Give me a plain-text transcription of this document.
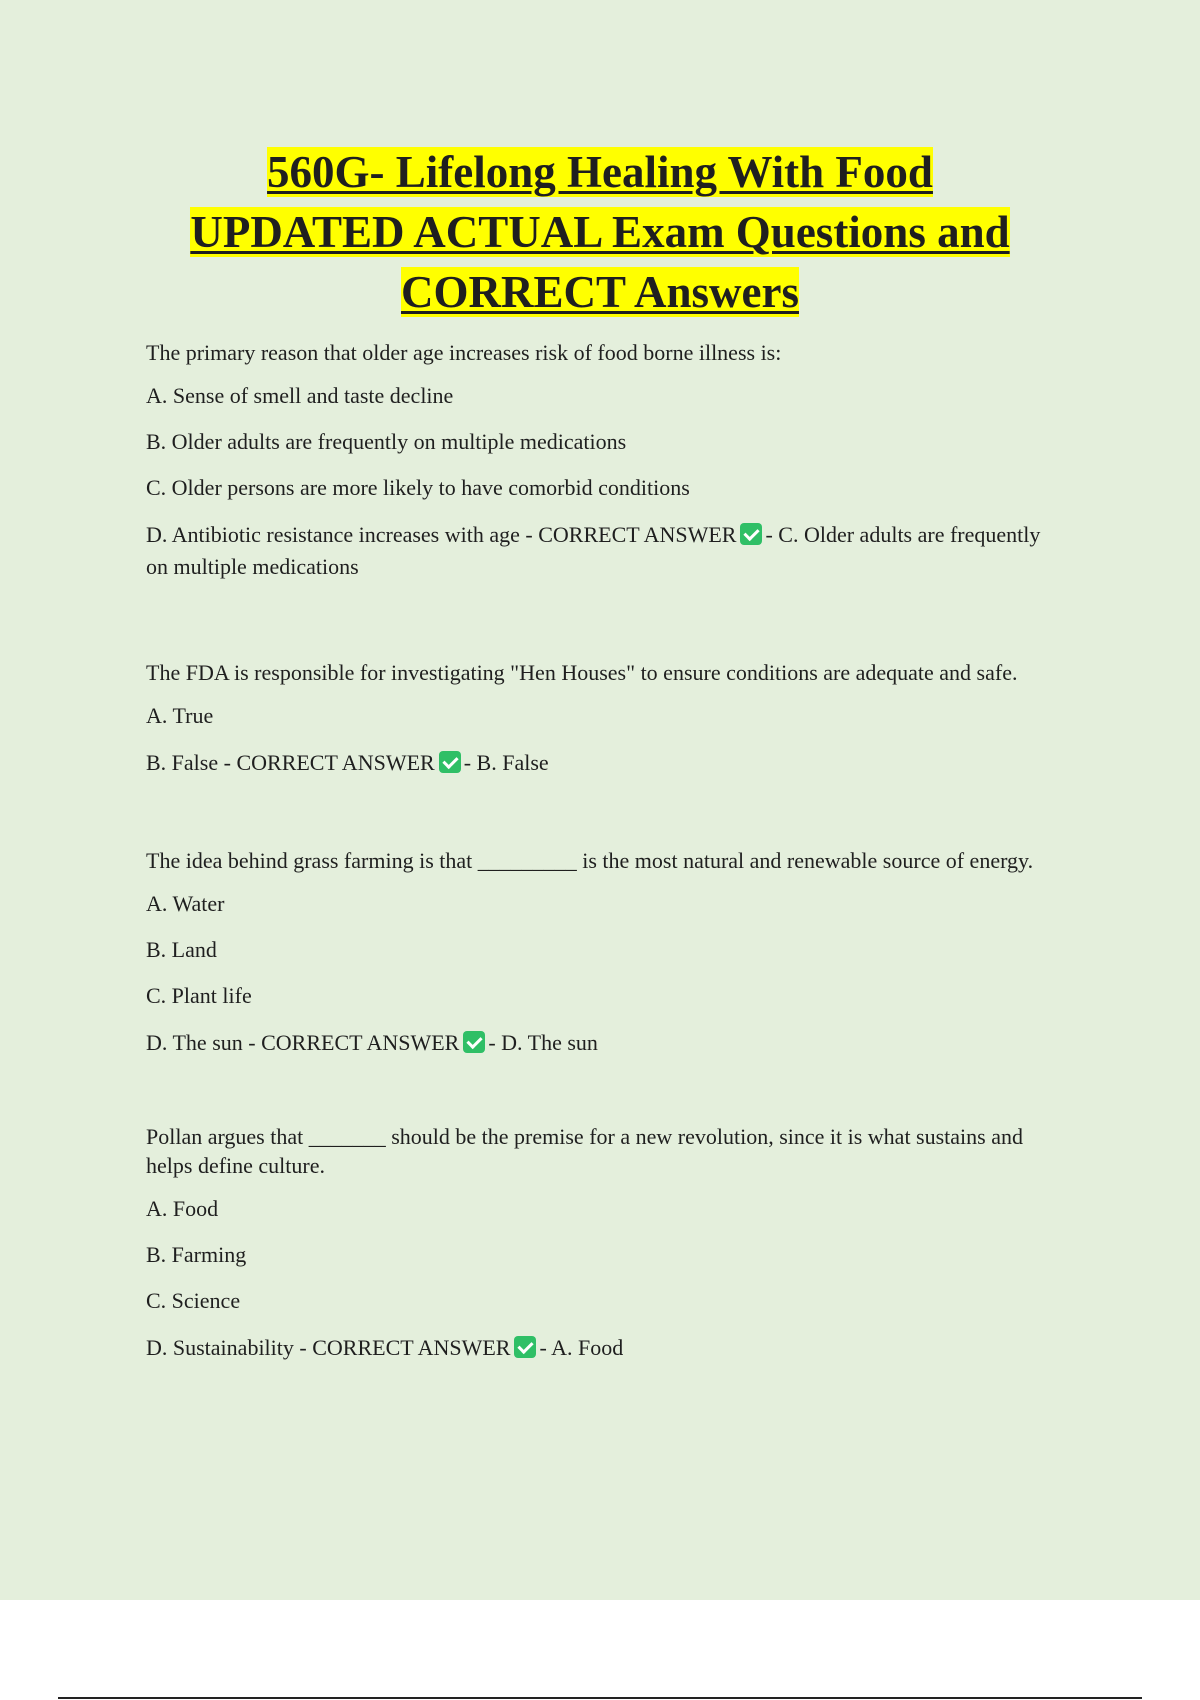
560G- Lifelong Healing With Food
UPDATED ACTUAL Exam Questions and
CORRECT Answers
The primary reason that older age increases risk of food borne illness is:
A. Sense of smell and taste decline
B. Older adults are frequently on multiple medications
C. Older persons are more likely to have comorbid conditions
D. Antibiotic resistance increases with age - CORRECT ANSWER - C. Older adults are frequently on multiple medications
The FDA is responsible for investigating "Hen Houses" to ensure conditions are adequate and safe.
A. True
B. False - CORRECT ANSWER - B. False
The idea behind grass farming is that _________ is the most natural and renewable source of energy.
A. Water
B. Land
C. Plant life
D. The sun - CORRECT ANSWER - D. The sun
Pollan argues that _______ should be the premise for a new revolution, since it is what sustains and helps define culture.
A. Food
B. Farming
C. Science
D. Sustainability - CORRECT ANSWER - A. Food
